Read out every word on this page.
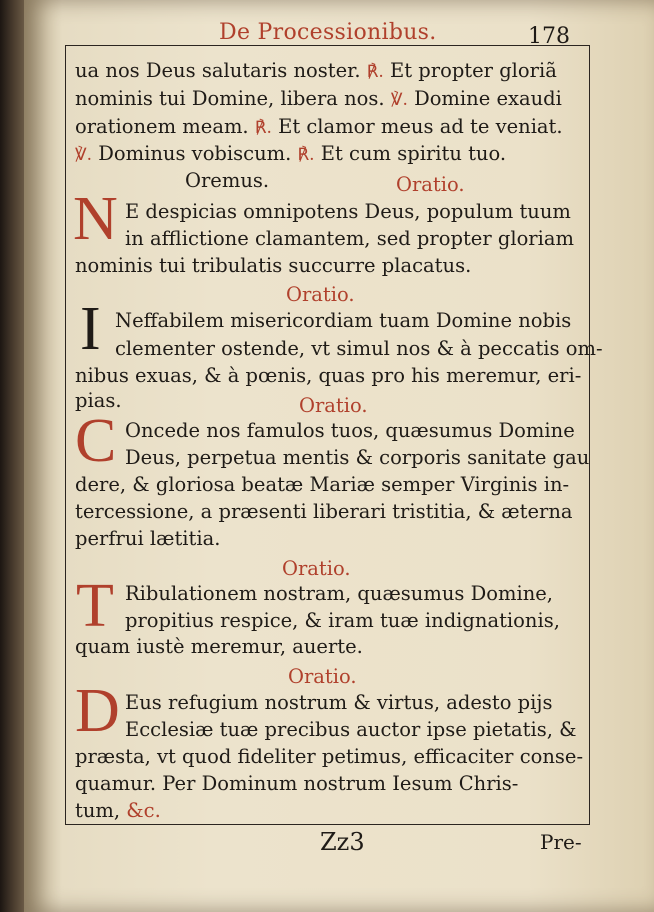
De Processionibus.	178
ua nos Deus salutaris noster. ℟. Et propter gloriã
nominis tui Domine, libera nos. ℣. Domine exaudi
orationem meam. ℟. Et clamor meus ad te veniat.
℣. Dominus vobiscum. ℟. Et cum spiritu tuo.
Oremus.	Oratio.
N E despicias omnipotens Deus, populum tuum
in afflictione clamantem, sed propter gloriam
nominis tui tribulatis succurre placatus.
Oratio.
I Neffabilem misericordiam tuam Domine nobis
clementer ostende, vt simul nos & à peccatis om-
nibus exuas, & à pœnis, quas pro his meremur, eri-
pias.	Oratio.
C Oncede nos famulos tuos, quæsumus Domine
Deus, perpetua mentis & corporis sanitate gau
dere, & gloriosa beatæ Mariæ semper Virginis in-
tercessione, a præsenti liberari tristitia, & æterna
perfrui lætitia.
Oratio.
T Ribulationem nostram, quæsumus Domine,
propitius respice, & iram tuæ indignationis,
quam iustè meremur, auerte.
Oratio.
D Eus refugium nostrum & virtus, adesto pijs
Ecclesiæ tuæ precibus auctor ipse pietatis, &
præsta, vt quod fideliter petimus, efficaciter conse-
quamur. Per Dominum nostrum Iesum Chris-
tum, &c.
Zz3	Pre-
